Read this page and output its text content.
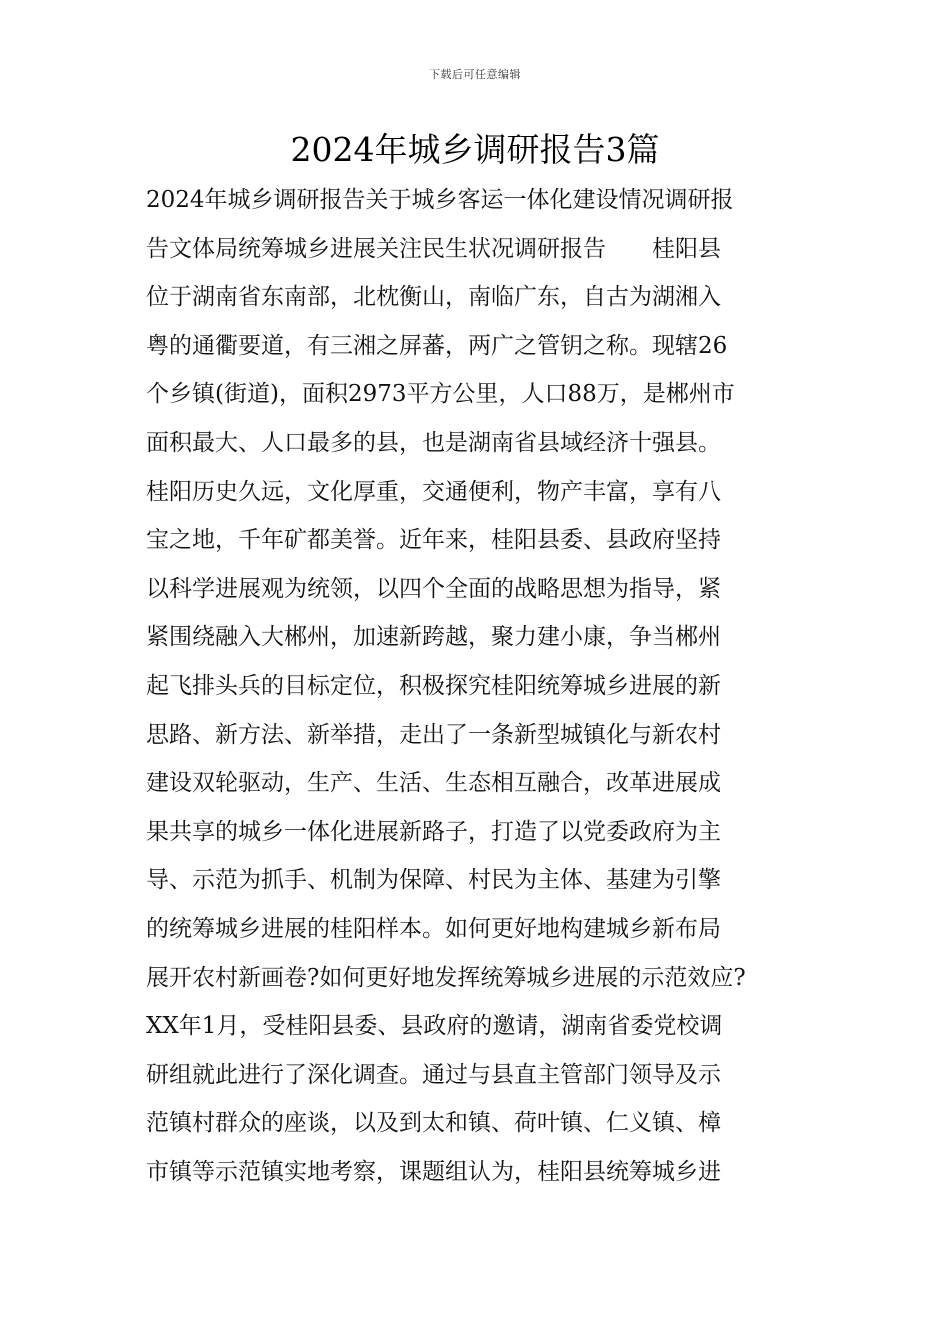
下载后可任意编辑
2024年城乡调研报告3篇
2024年城乡调研报告关于城乡客运一体化建设情况调研报
告文体局统筹城乡进展关注民生状况调研报告　　桂阳县
位于湖南省东南部，北枕衡山，南临广东，自古为湖湘入
粤的通衢要道，有三湘之屏蕃，两广之管钥之称。现辖26
个乡镇(街道)，面积2973平方公里，人口88万，是郴州市
面积最大、人口最多的县，也是湖南省县域经济十强县。
桂阳历史久远，文化厚重，交通便利，物产丰富，享有八
宝之地，千年矿都美誉。近年来，桂阳县委、县政府坚持
以科学进展观为统领，以四个全面的战略思想为指导，紧
紧围绕融入大郴州，加速新跨越，聚力建小康，争当郴州
起飞排头兵的目标定位，积极探究桂阳统筹城乡进展的新
思路、新方法、新举措，走出了一条新型城镇化与新农村
建设双轮驱动，生产、生活、生态相互融合，改革进展成
果共享的城乡一体化进展新路子，打造了以党委政府为主
导、示范为抓手、机制为保障、村民为主体、基建为引擎
的统筹城乡进展的桂阳样本。如何更好地构建城乡新布局
展开农村新画卷?如何更好地发挥统筹城乡进展的示范效应?
XX年1月，受桂阳县委、县政府的邀请，湖南省委党校调
研组就此进行了深化调查。通过与县直主管部门领导及示
范镇村群众的座谈，以及到太和镇、荷叶镇、仁义镇、樟
市镇等示范镇实地考察，课题组认为，桂阳县统筹城乡进
